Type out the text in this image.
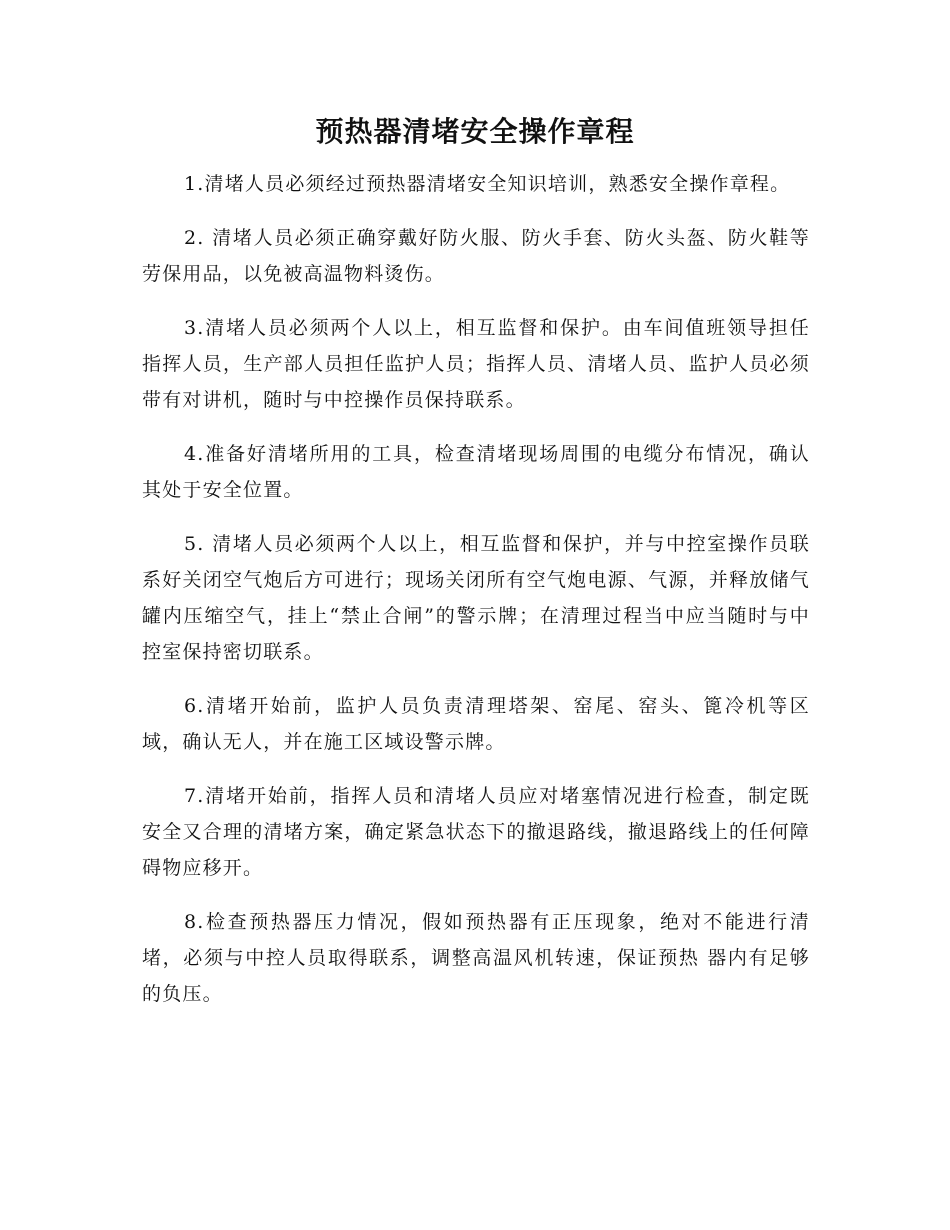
预热器清堵安全操作章程

1.清堵人员必须经过预热器清堵安全知识培训，熟悉安全操作章程。

2. 清堵人员必须正确穿戴好防火服、防火手套、防火头盔、防火鞋等劳保用品，以免被高温物料烫伤。

3.清堵人员必须两个人以上，相互监督和保护。由车间值班领导担任指挥人员，生产部人员担任监护人员；指挥人员、清堵人员、监护人员必须带有对讲机，随时与中控操作员保持联系。

4.准备好清堵所用的工具，检查清堵现场周围的电缆分布情况，确认其处于安全位置。

5. 清堵人员必须两个人以上，相互监督和保护，并与中控室操作员联系好关闭空气炮后方可进行；现场关闭所有空气炮电源、气源，并释放储气罐内压缩空气，挂上“禁止合闸”的警示牌；在清理过程当中应当随时与中控室保持密切联系。

6.清堵开始前，监护人员负责清理塔架、窑尾、窑头、篦冷机等区域，确认无人，并在施工区域设警示牌。

7.清堵开始前，指挥人员和清堵人员应对堵塞情况进行检查，制定既安全又合理的清堵方案，确定紧急状态下的撤退路线，撤退路线上的任何障碍物应移开。

8.检查预热器压力情况，假如预热器有正压现象，绝对不能进行清堵，必须与中控人员取得联系，调整高温风机转速，保证预热 器内有足够的负压。
